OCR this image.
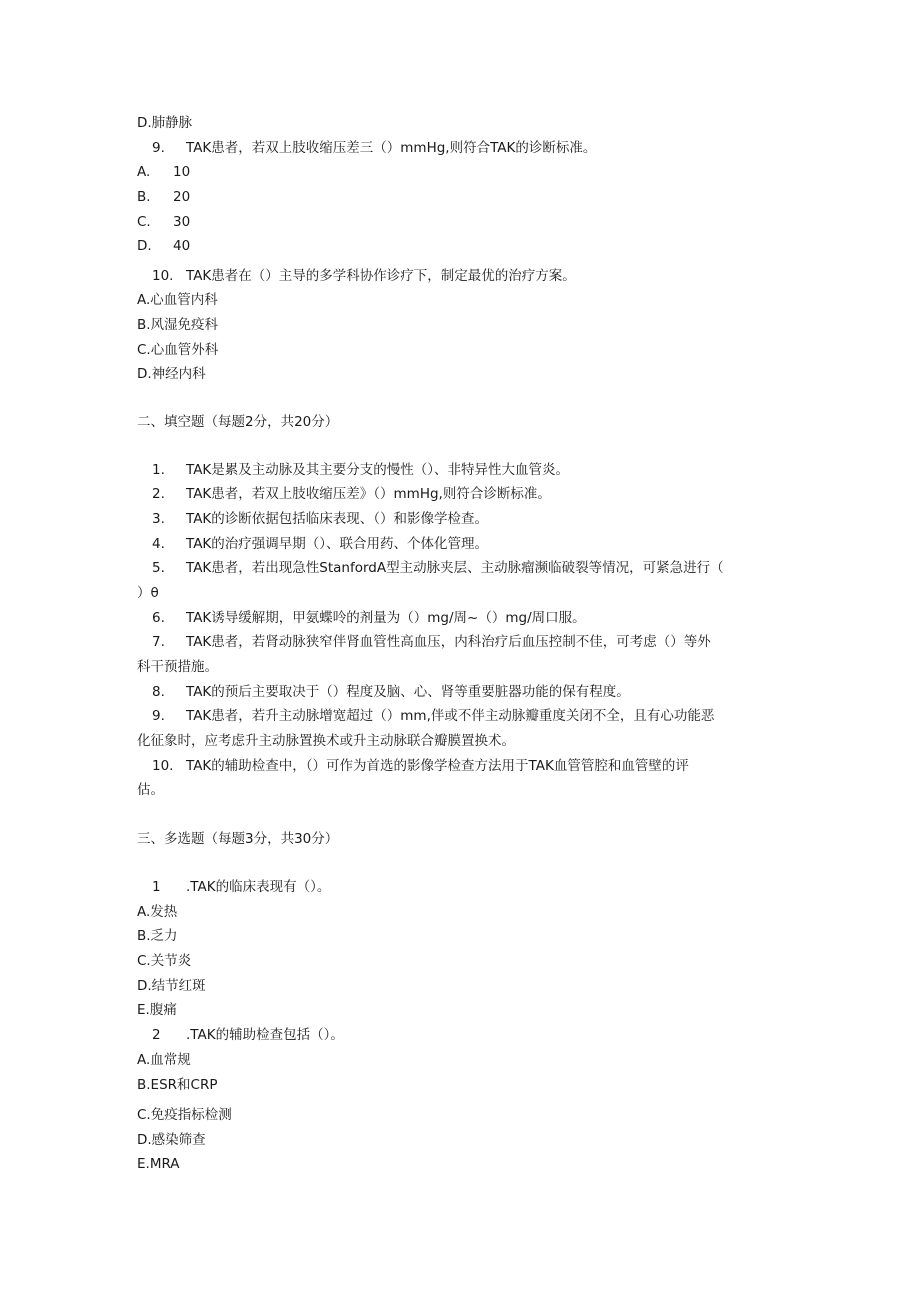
D.肺静脉
9. TAK患者，若双上肢收缩压差三（）mmHg,则符合TAK的诊断标准。
A. 10
B. 20
C. 30
D. 40
10. TAK患者在（）主导的多学科协作诊疗下，制定最优的治疗方案。
A.心血管内科
B.风湿免疫科
C.心血管外科
D.神经内科
二、填空题（每题2分，共20分）
1. TAK是累及主动脉及其主要分支的慢性（）、非特异性大血管炎。
2. TAK患者，若双上肢收缩压差》（）mmHg,则符合诊断标准。
3. TAK的诊断依据包括临床表现、（）和影像学检查。
4. TAK的治疗强调早期（）、联合用药、个体化管理。
5. TAK患者，若出现急性StanfordA型主动脉夹层、主动脉瘤濒临破裂等情况，可紧急进行（
）θ
6. TAK诱导缓解期，甲氨蝶呤的剂量为（）mg/周~（）mg/周口服。
7. TAK患者，若肾动脉狭窄伴肾血管性高血压，内科治疗后血压控制不佳，可考虑（）等外
科干预措施。
8. TAK的预后主要取决于（）程度及脑、心、肾等重要脏器功能的保有程度。
9. TAK患者，若升主动脉增宽超过（）mm,伴或不伴主动脉瓣重度关闭不全，且有心功能恶
化征象时，应考虑升主动脉置换术或升主动脉联合瓣膜置换术。
10. TAK的辅助检查中，（）可作为首选的影像学检查方法用于TAK血管管腔和血管壁的评
估。
三、多选题（每题3分，共30分）
1 .TAK的临床表现有（）。
A.发热
B.乏力
C.关节炎
D.结节红斑
E.腹痛
2 .TAK的辅助检查包括（）。
A.血常规
B.ESR和CRP
C.免疫指标检测
D.感染筛查
E.MRA
